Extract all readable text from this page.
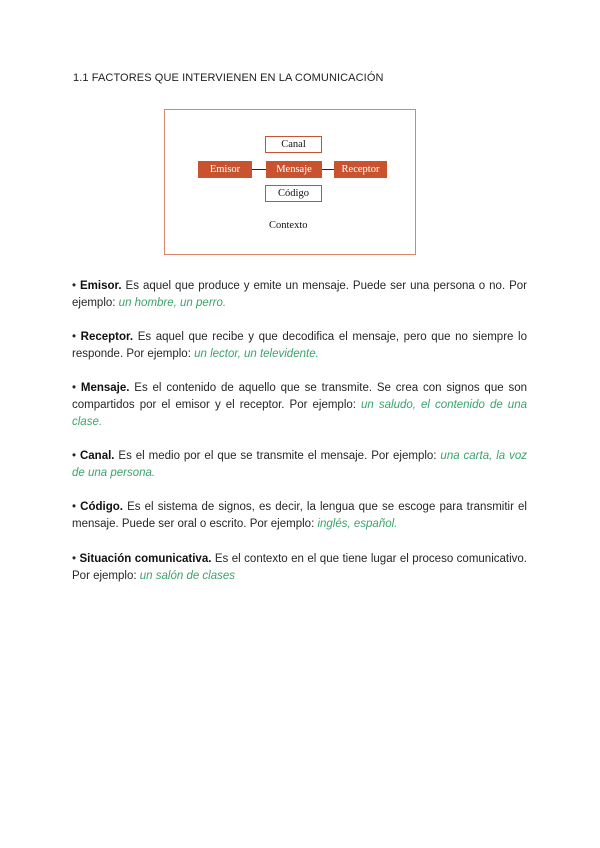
1.1 FACTORES QUE INTERVIENEN EN LA COMUNICACIÓN
Canal
Emisor	Mensaje	Receptor
Código
Contexto
• Emisor. Es aquel que produce y emite un mensaje. Puede ser una persona o no. Por ejemplo: un hombre, un perro.
• Receptor. Es aquel que recibe y que decodifica el mensaje, pero que no siempre lo responde. Por ejemplo: un lector, un televidente.
• Mensaje. Es el contenido de aquello que se transmite. Se crea con signos que son compartidos por el emisor y el receptor. Por ejemplo: un saludo, el contenido de una clase.
• Canal. Es el medio por el que se transmite el mensaje. Por ejemplo: una carta, la voz de una persona.
• Código. Es el sistema de signos, es decir, la lengua que se escoge para transmitir el mensaje. Puede ser oral o escrito. Por ejemplo: inglés, español.
• Situación comunicativa. Es el contexto en el que tiene lugar el proceso comunicativo. Por ejemplo: un salón de clases
